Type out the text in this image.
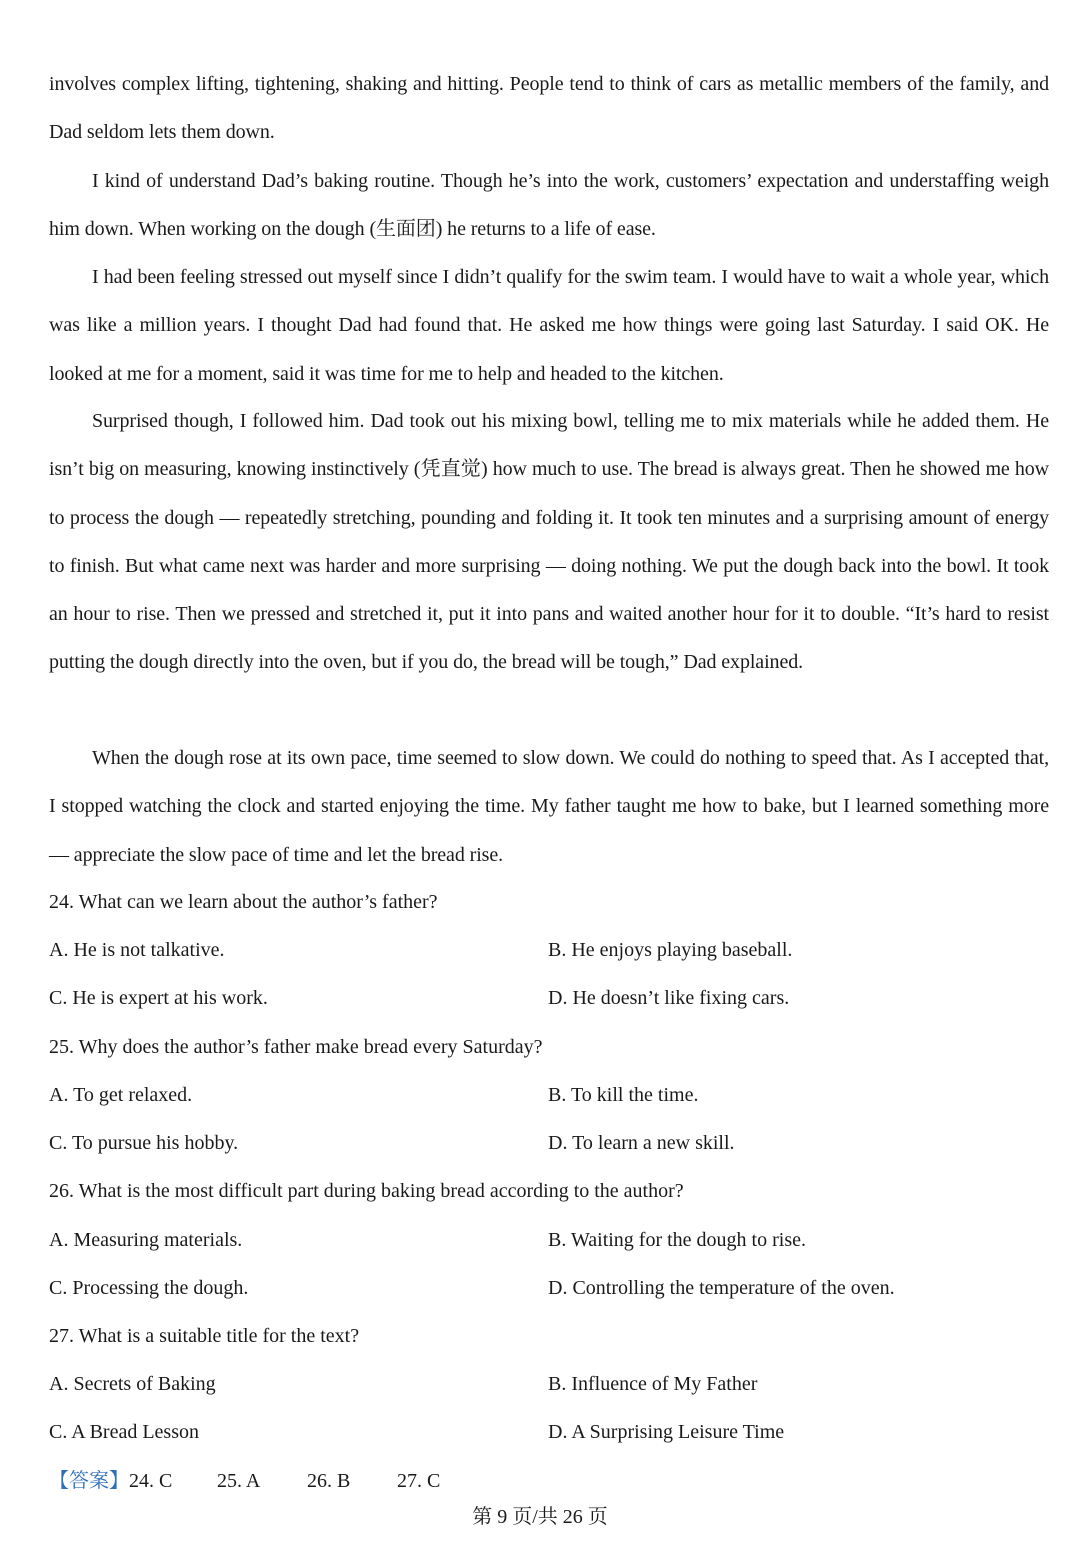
involves complex lifting, tightening, shaking and hitting. People tend to think of cars as metallic members of the family, and Dad seldom lets them down.

I kind of understand Dad’s baking routine. Though he’s into the work, customers’ expectation and understaffing weigh him down. When working on the dough (生面团) he returns to a life of ease.

I had been feeling stressed out myself since I didn’t qualify for the swim team. I would have to wait a whole year, which was like a million years. I thought Dad had found that. He asked me how things were going last Saturday. I said OK. He looked at me for a moment, said it was time for me to help and headed to the kitchen.

Surprised though, I followed him. Dad took out his mixing bowl, telling me to mix materials while he added them. He isn’t big on measuring, knowing instinctively (凭直觉) how much to use. The bread is always great. Then he showed me how to process the dough — repeatedly stretching, pounding and folding it. It took ten minutes and a surprising amount of energy to finish. But what came next was harder and more surprising — doing nothing. We put the dough back into the bowl. It took an hour to rise. Then we pressed and stretched it, put it into pans and waited another hour for it to double. “It’s hard to resist putting the dough directly into the oven, but if you do, the bread will be tough,” Dad explained.

When the dough rose at its own pace, time seemed to slow down. We could do nothing to speed that. As I accepted that, I stopped watching the clock and started enjoying the time. My father taught me how to bake, but I learned something more — appreciate the slow pace of time and let the bread rise.

24. What can we learn about the author’s father?
A. He is not talkative.	B. He enjoys playing baseball.
C. He is expert at his work.	D. He doesn’t like fixing cars.
25. Why does the author’s father make bread every Saturday?
A. To get relaxed.	B. To kill the time.
C. To pursue his hobby.	D. To learn a new skill.
26. What is the most difficult part during baking bread according to the author?
A. Measuring materials.	B. Waiting for the dough to rise.
C. Processing the dough.	D. Controlling the temperature of the oven.
27. What is a suitable title for the text?
A. Secrets of Baking	B. Influence of My Father
C. A Bread Lesson	D. A Surprising Leisure Time
【答案】24. C 25. A 26. B 27. C
第 9 页/共 26 页
